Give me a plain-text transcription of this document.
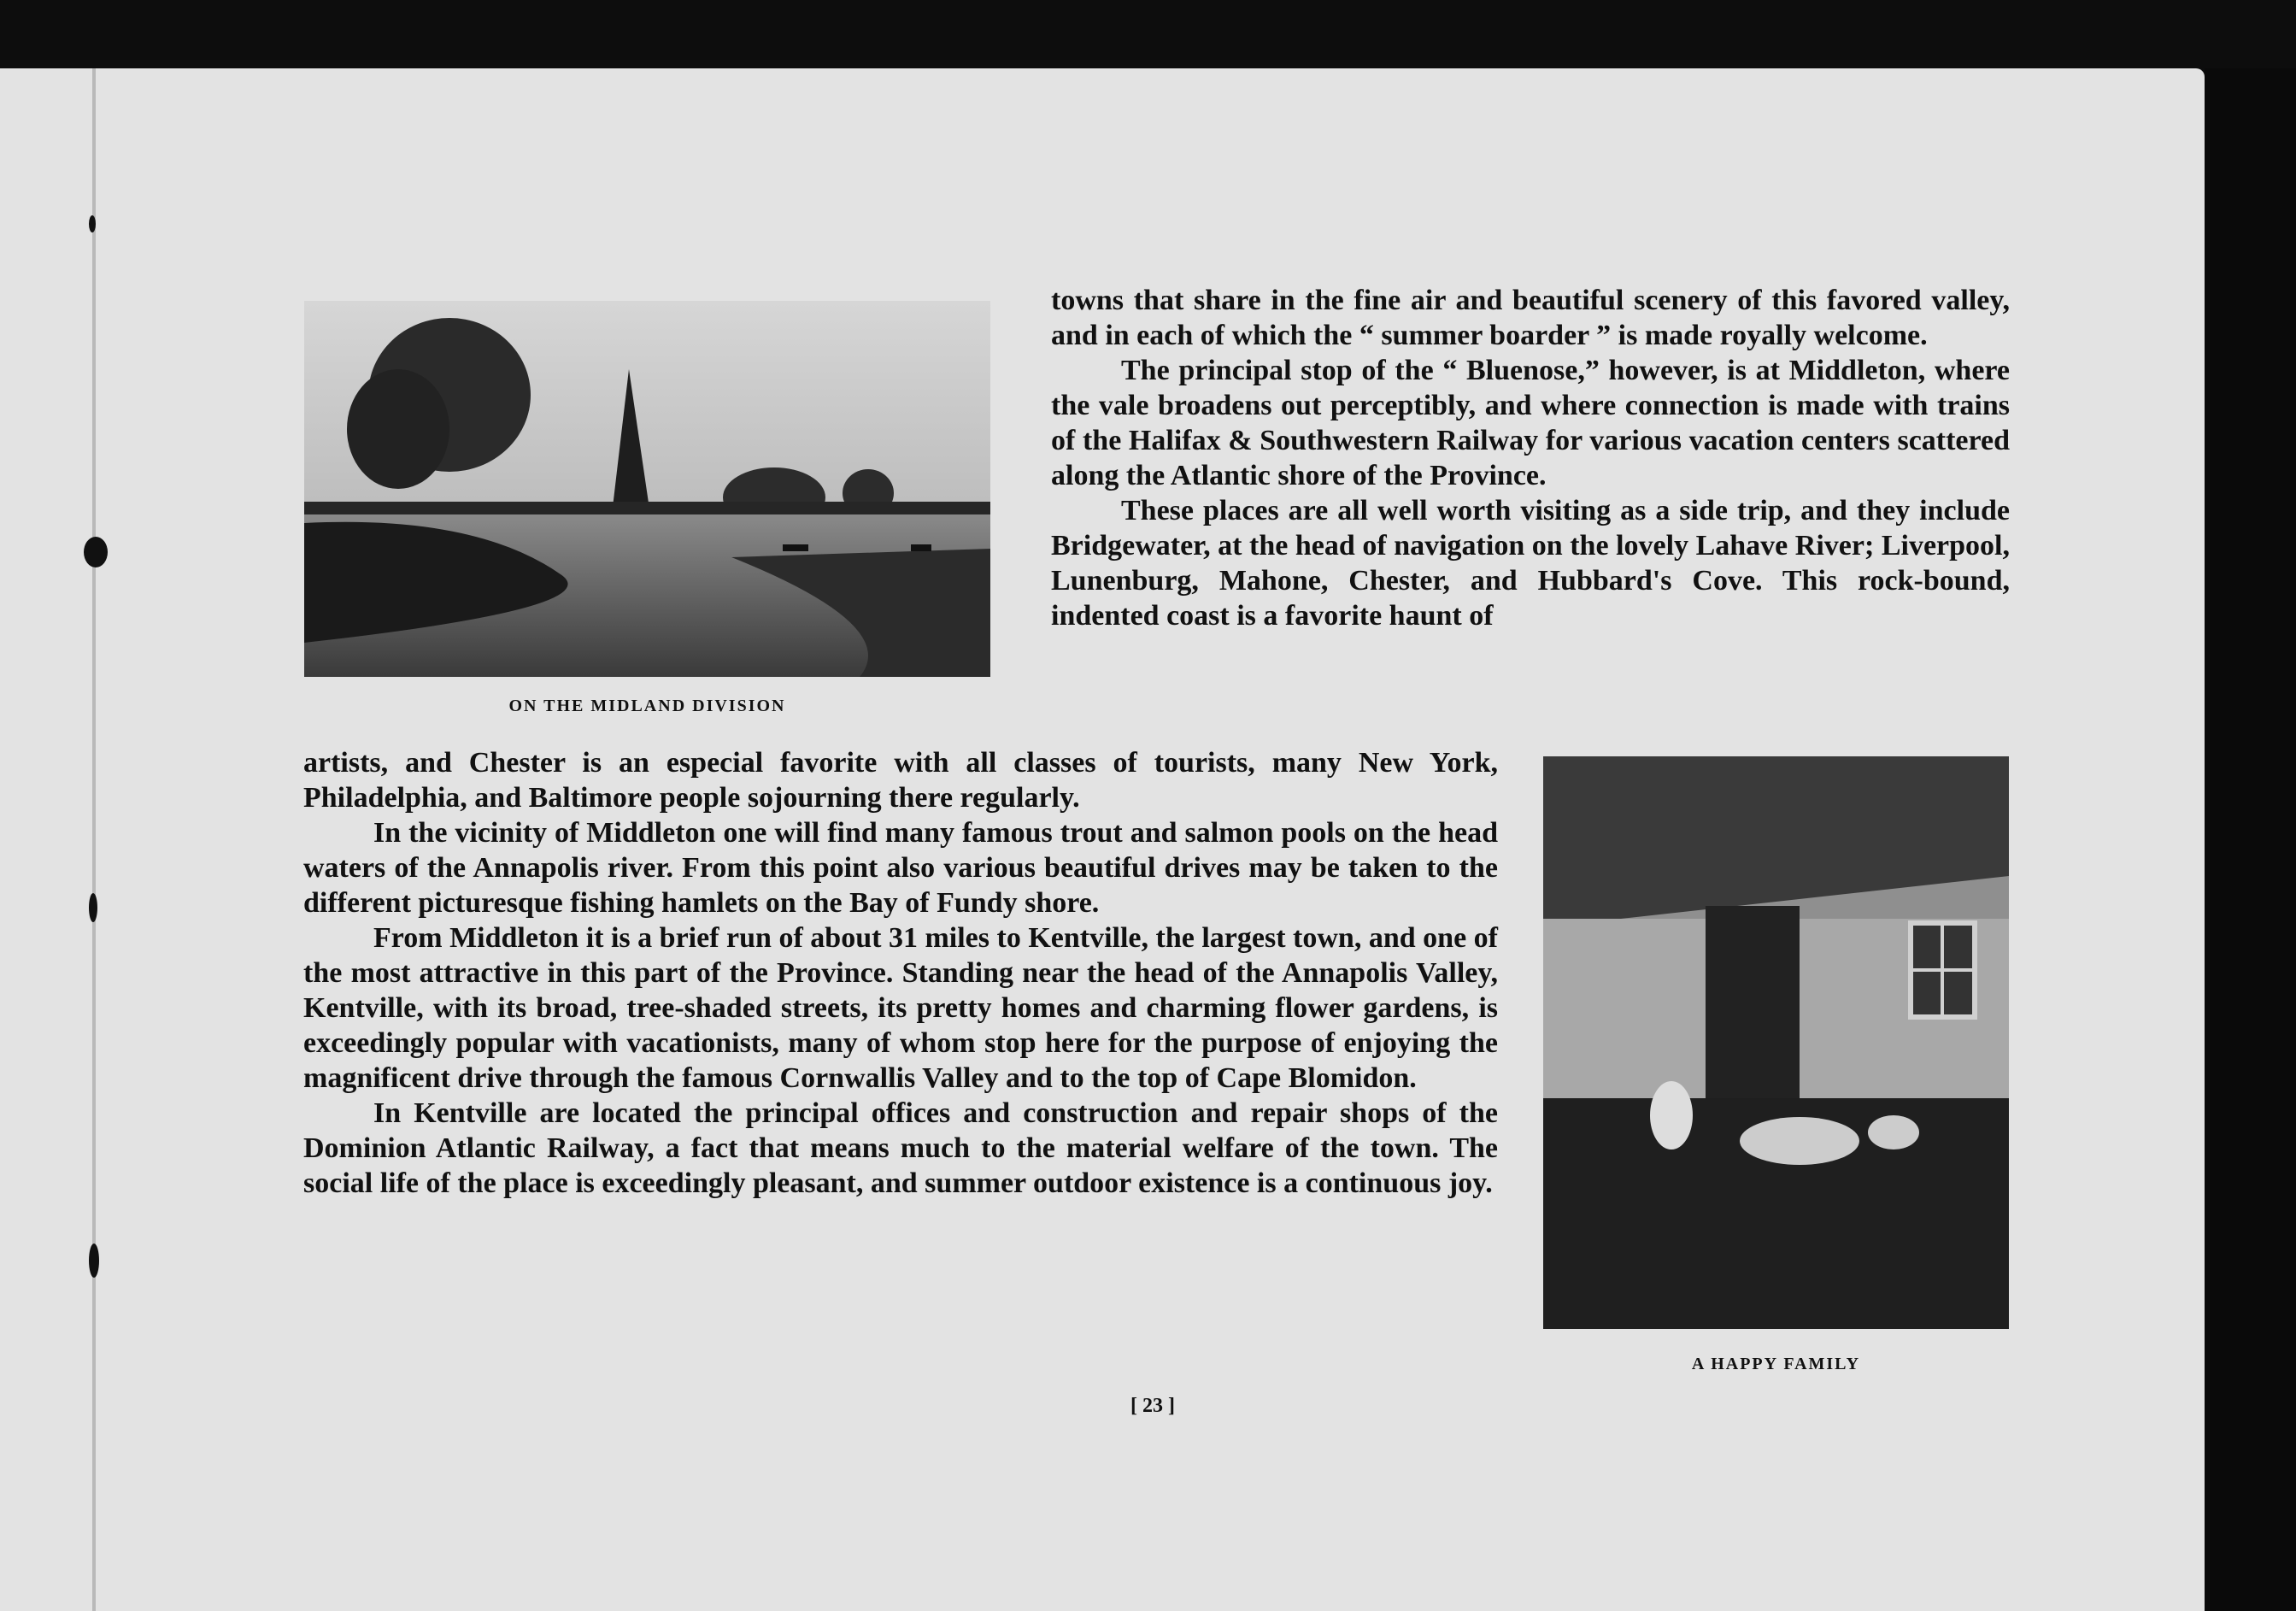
ON THE MIDLAND DIVISION
A HAPPY FAMILY

towns that share in the fine air and beautiful scenery of this favored valley, and in each of which the “ summer boarder ” is made royally welcome.

The principal stop of the “ Bluenose,” however, is at Middleton, where the vale broadens out perceptibly, and where connection is made with trains of the Halifax & Southwestern Railway for various vacation centers scattered along the Atlantic shore of the Province.

These places are all well worth visiting as a side trip, and they include Bridgewater, at the head of navigation on the lovely Lahave River; Liverpool, Lunenburg, Mahone, Chester, and Hubbard's Cove. This rock-bound, indented coast is a favorite haunt of

artists, and Chester is an especial favorite with all classes of tourists, many New York, Philadelphia, and Baltimore people sojourning there regularly.

In the vicinity of Middleton one will find many famous trout and salmon pools on the head waters of the Annapolis river. From this point also various beautiful drives may be taken to the different picturesque fishing hamlets on the Bay of Fundy shore.

From Middleton it is a brief run of about 31 miles to Kentville, the largest town, and one of the most attractive in this part of the Province. Standing near the head of the Annapolis Valley, Kentville, with its broad, tree-shaded streets, its pretty homes and charming flower gardens, is exceedingly popular with vacationists, many of whom stop here for the purpose of enjoying the magnificent drive through the famous Cornwallis Valley and to the top of Cape Blomidon.

In Kentville are located the principal offices and construction and repair shops of the Dominion Atlantic Railway, a fact that means much to the material welfare of the town. The social life of the place is exceedingly pleasant, and summer outdoor existence is a continuous joy.

[ 23 ]
